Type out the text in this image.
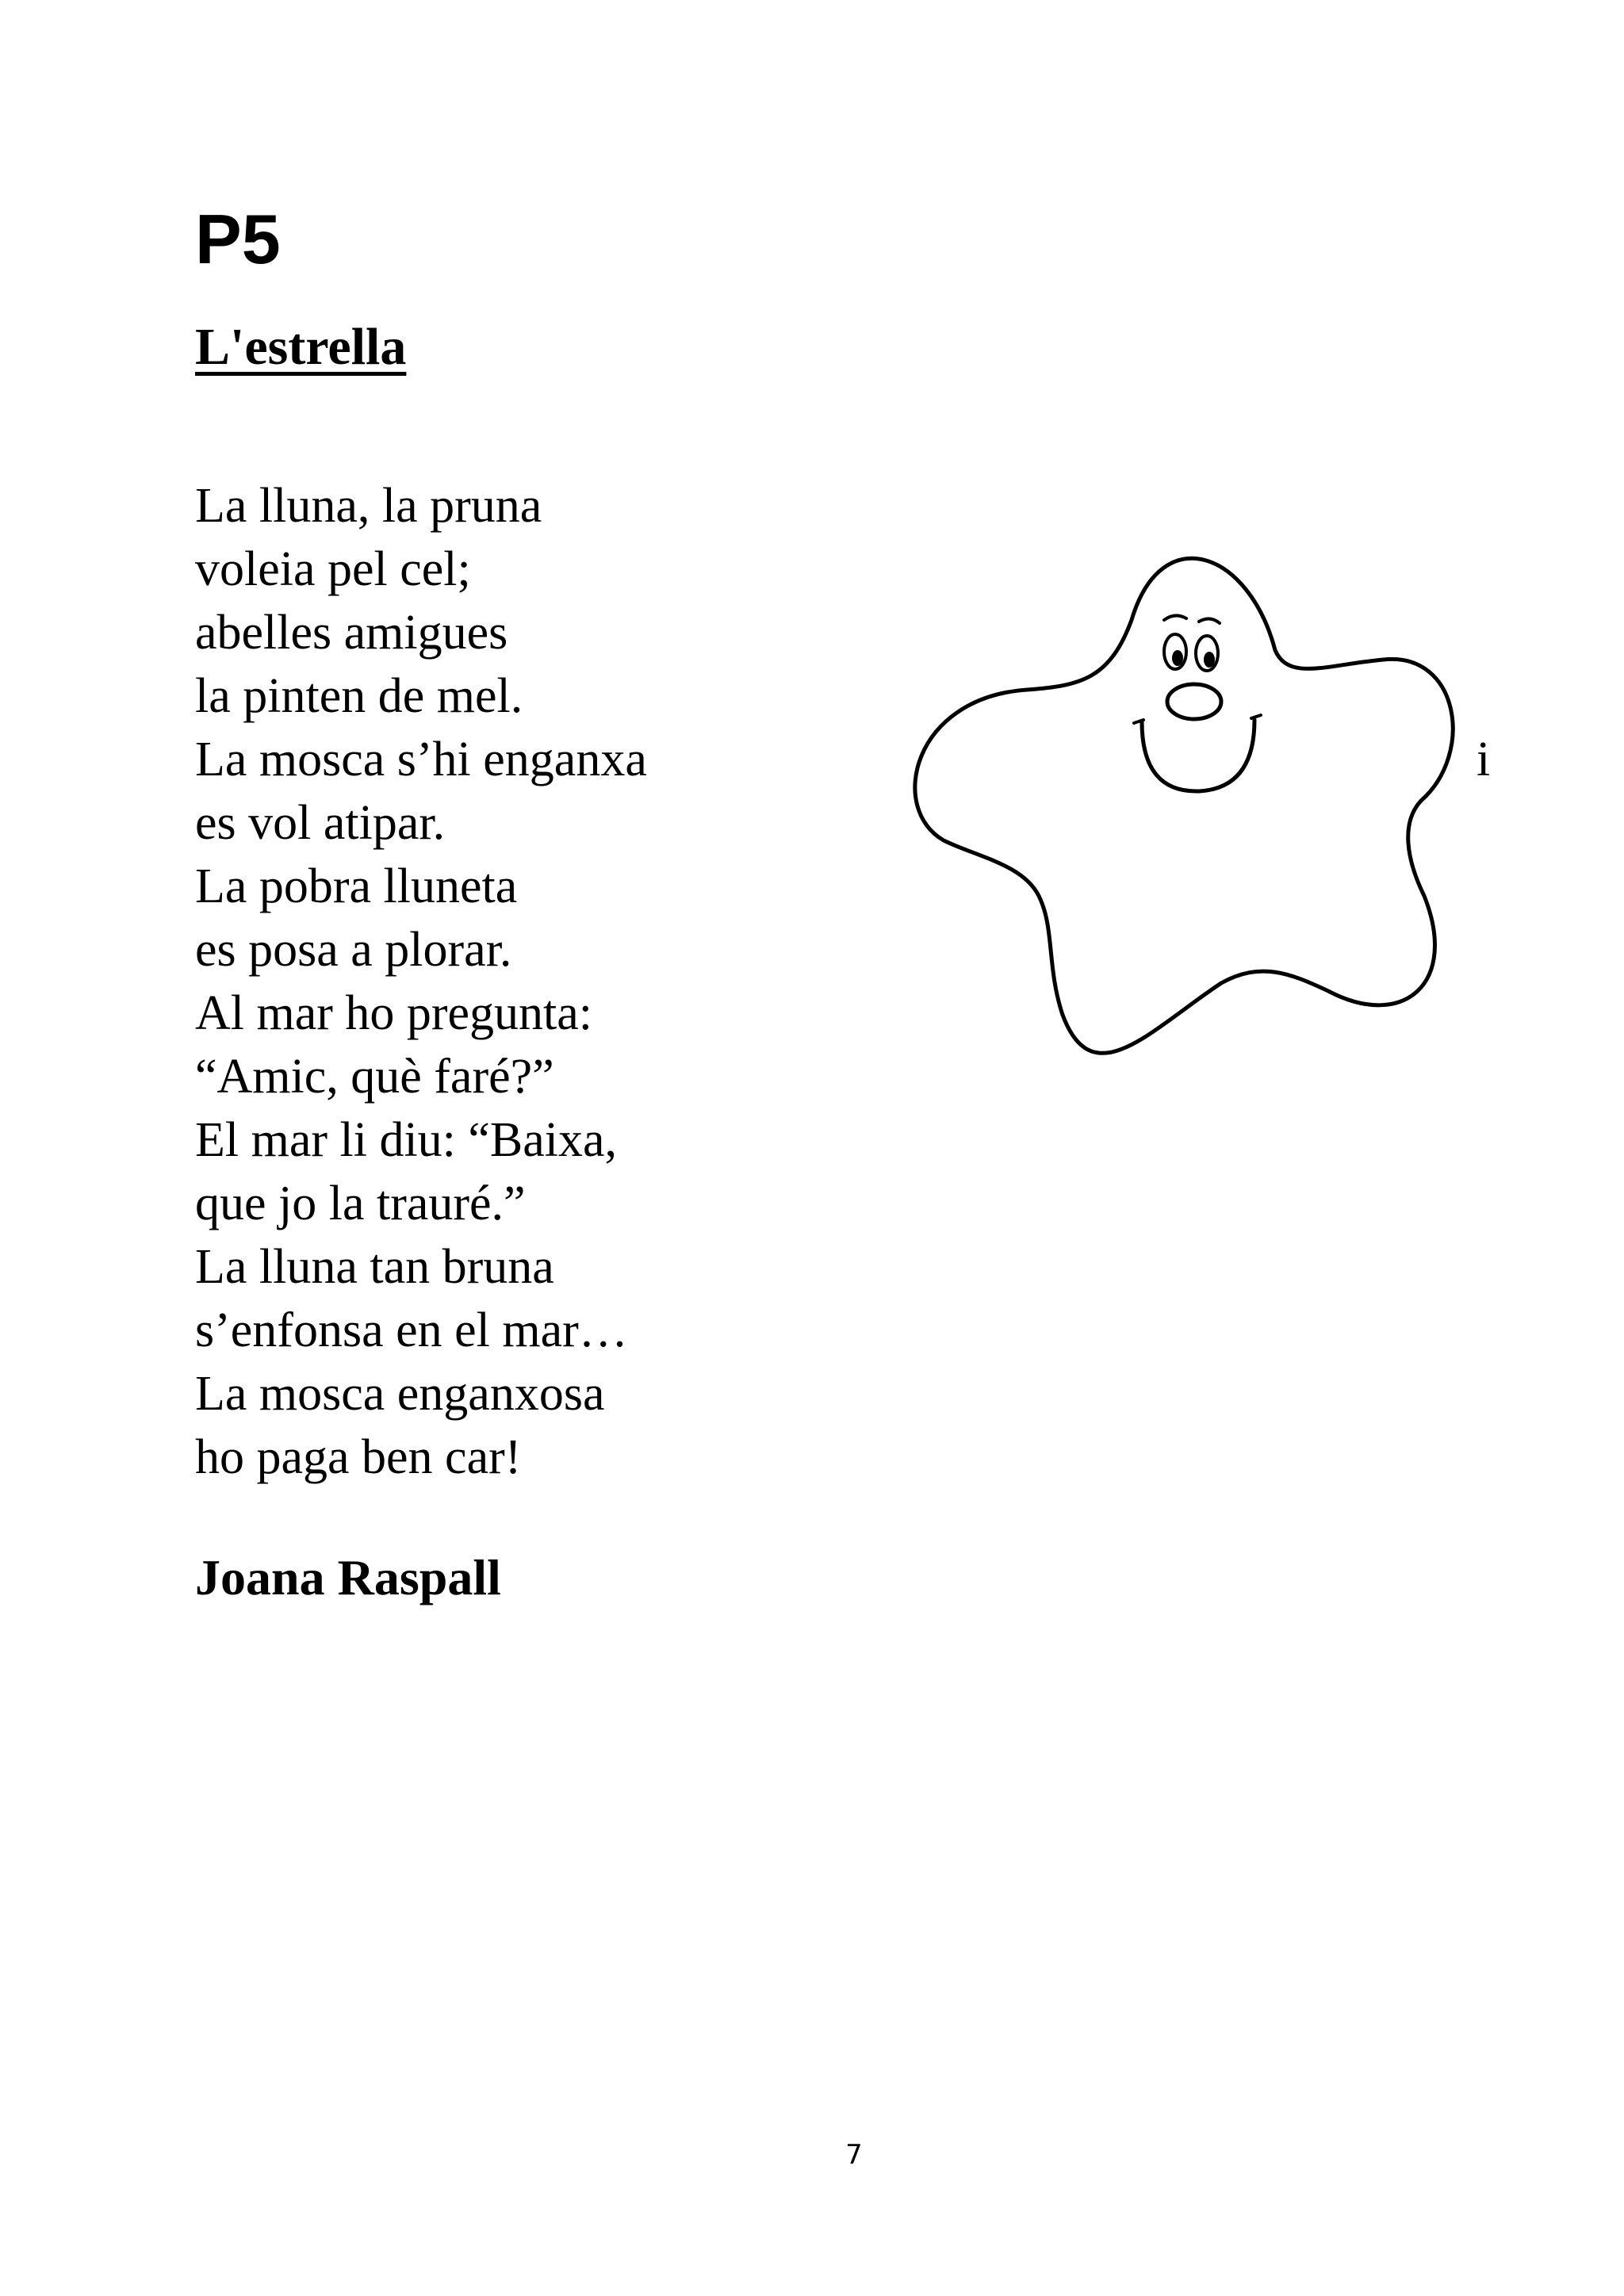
P5
L'estrella
La lluna, la pruna
voleia pel cel;
abelles amigues
la pinten de mel.
La mosca s’hi enganxa
es vol atipar.
La pobra lluneta
es posa a plorar.
Al mar ho pregunta:
“Amic, què faré?”
El mar li diu: “Baixa,
que jo la trauré.”
La lluna tan bruna
s’enfonsa en el mar…
La mosca enganxosa
ho paga ben car!
i

Joana Raspall

7
